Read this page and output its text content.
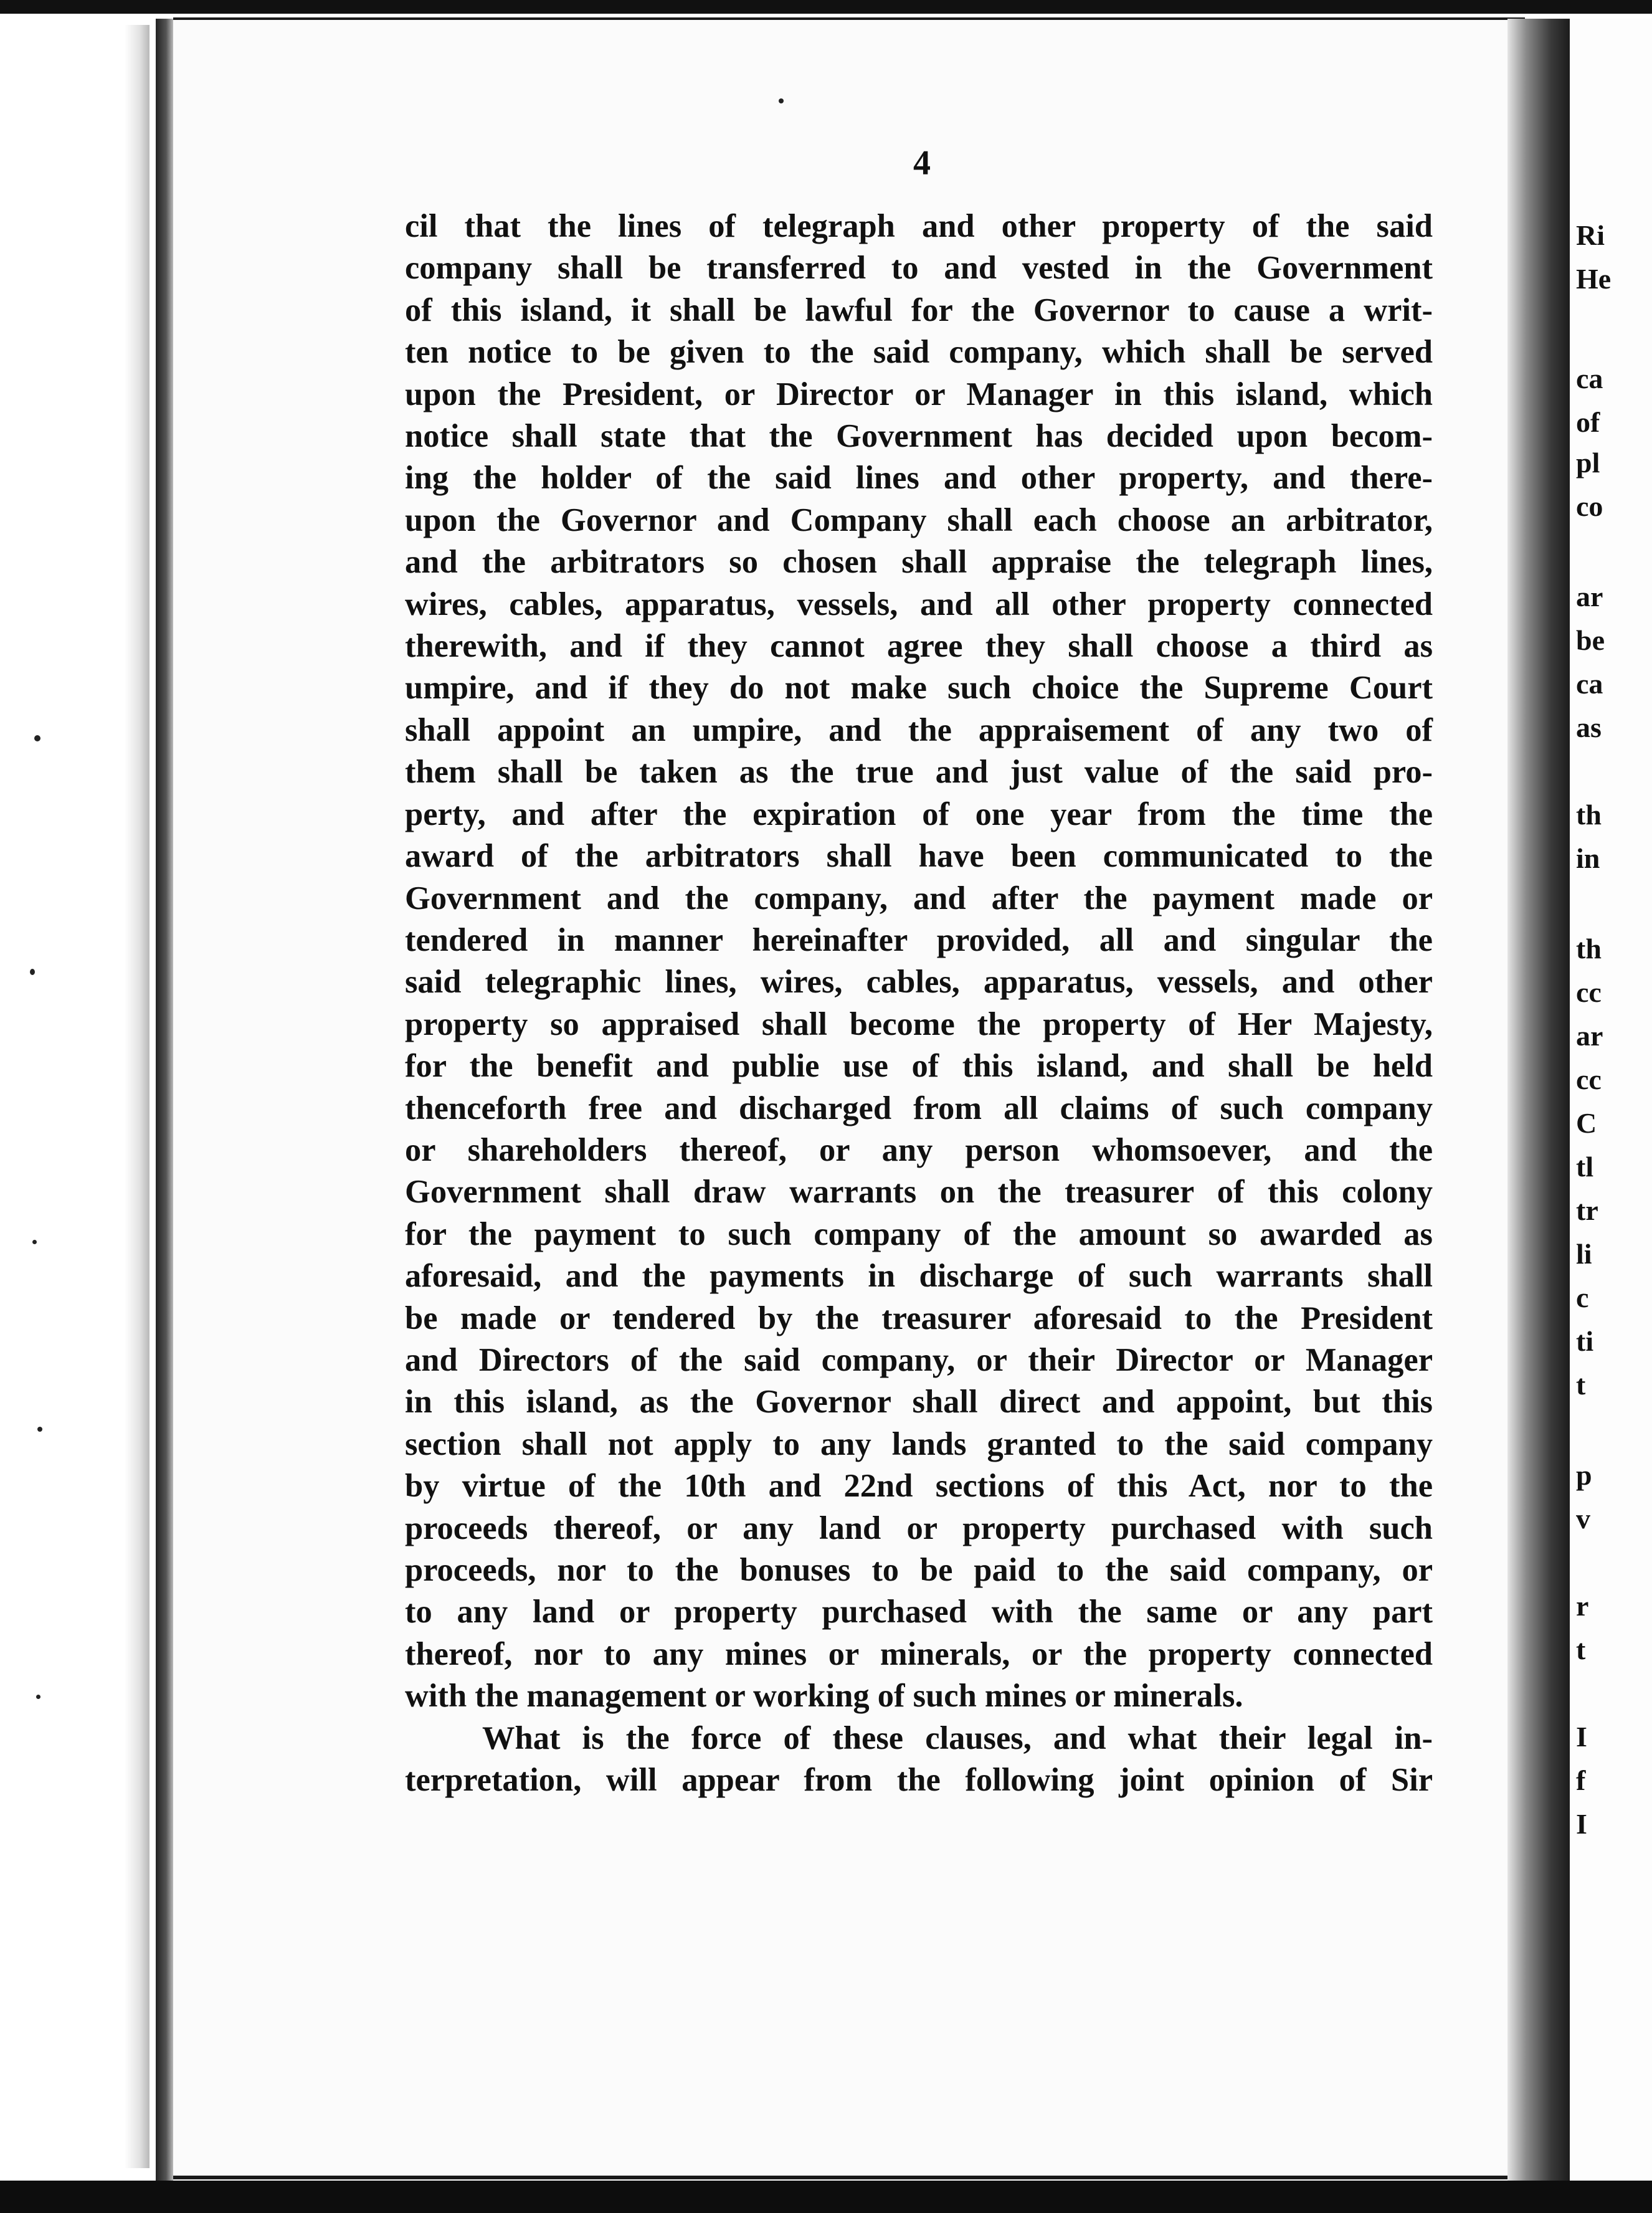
Ri
He
ca
of
pl
co
ar
be
ca
as
th
in
th
cc
ar
cc
C
tl
tr
li
c
ti
t
p
v
r
t
I
f
I
4
cil that the lines of telegraph and other property of the said
company shall be transferred to and vested in the Government
of this island, it shall be lawful for the Governor to cause a writ-
ten notice to be given to the said company, which shall be served
upon the President, or Director or Manager in this island, which
notice shall state that the Government has decided upon becom-
ing the holder of the said lines and other property, and there-
upon the Governor and Company shall each choose an arbitrator,
and the arbitrators so chosen shall appraise the telegraph lines,
wires, cables, apparatus, vessels, and all other property connected
therewith, and if they cannot agree they shall choose a third as
umpire, and if they do not make such choice the Supreme Court
shall appoint an umpire, and the appraisement of any two of
them shall be taken as the true and just value of the said pro-
perty, and after the expiration of one year from the time the
award of the arbitrators shall have been communicated to the
Government and the company, and after the payment made or
tendered in manner hereinafter provided, all and singular the
said telegraphic lines, wires, cables, apparatus, vessels, and other
property so appraised shall become the property of Her Majesty,
for the benefit and publie use of this island, and shall be held
thenceforth free and discharged from all claims of such company
or shareholders thereof, or any person whomsoever, and the
Government shall draw warrants on the treasurer of this colony
for the payment to such company of the amount so awarded as
aforesaid, and the payments in discharge of such warrants shall
be made or tendered by the treasurer aforesaid to the President
and Directors of the said company, or their Director or Manager
in this island, as the Governor shall direct and appoint, but this
section shall not apply to any lands granted to the said company
by virtue of the 10th and 22nd sections of this Act, nor to the
proceeds thereof, or any land or property purchased with such
proceeds, nor to the bonuses to be paid to the said company, or
to any land or property purchased with the same or any part
thereof, nor to any mines or minerals, or the property connected
with the management or working of such mines or minerals.
What is the force of these clauses, and what their legal in-
terpretation, will appear from the following joint opinion of Sir
